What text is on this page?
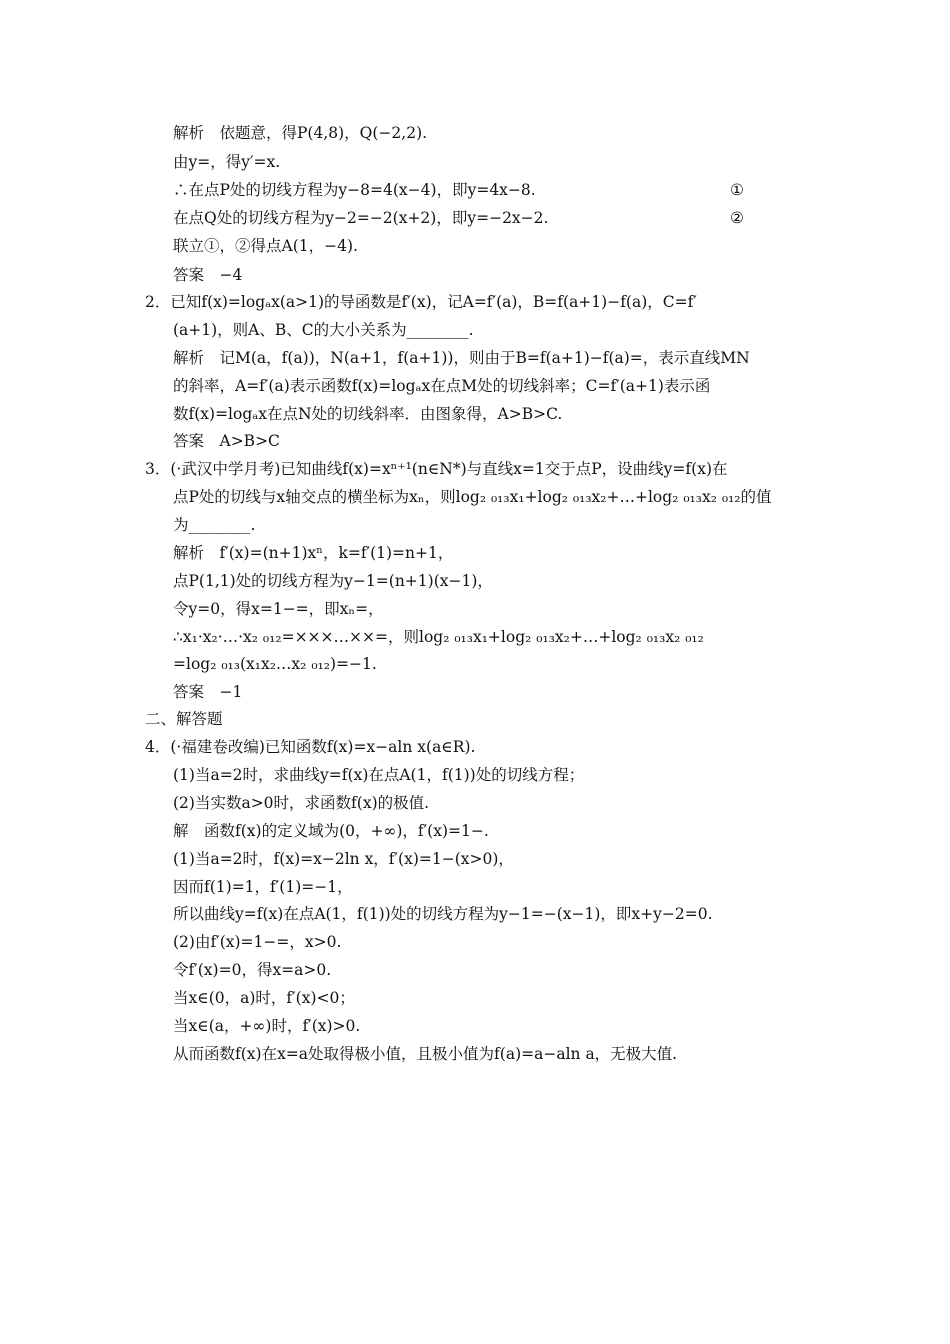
解析　依题意，得P(4,8)，Q(−2,2).
由y=，得y′=x.
∴在点P处的切线方程为y−8=4(x−4)，即y=4x−8.	①
在点Q处的切线方程为y−2=−2(x+2)，即y=−2x−2.	②
联立①，②得点A(1，−4).
答案　−4
2．已知f(x)=logₐx(a>1)的导函数是f′(x)，记A=f′(a)，B=f(a+1)−f(a)，C=f′
(a+1)，则A、B、C的大小关系为________.
解析　记M(a，f(a))，N(a+1，f(a+1))，则由于B=f(a+1)−f(a)=，表示直线MN
的斜率，A=f′(a)表示函数f(x)=logₐx在点M处的切线斜率；C=f′(a+1)表示函
数f(x)=logₐx在点N处的切线斜率．由图象得，A>B>C.
答案　A>B>C
3．(·武汉中学月考)已知曲线f(x)=xⁿ⁺¹(n∈N*)与直线x=1交于点P，设曲线y=f(x)在
点P处的切线与x轴交点的横坐标为xₙ，则log₂ ₀₁₃x₁+log₂ ₀₁₃x₂+…+log₂ ₀₁₃x₂ ₀₁₂的值
为________.
解析　f′(x)=(n+1)xⁿ，k=f′(1)=n+1，
点P(1,1)处的切线方程为y−1=(n+1)(x−1)，
令y=0，得x=1−=，即xₙ=，
∴x₁·x₂·…·x₂ ₀₁₂=×××…××=，则log₂ ₀₁₃x₁+log₂ ₀₁₃x₂+…+log₂ ₀₁₃x₂ ₀₁₂
=log₂ ₀₁₃(x₁x₂…x₂ ₀₁₂)=−1.
答案　−1
二、解答题
4．(·福建卷改编)已知函数f(x)=x−aln x(a∈R).
(1)当a=2时，求曲线y=f(x)在点A(1，f(1))处的切线方程；
(2)当实数a>0时，求函数f(x)的极值.
解　函数f(x)的定义域为(0，+∞)，f′(x)=1−.
(1)当a=2时，f(x)=x−2ln x，f′(x)=1−(x>0)，
因而f(1)=1，f′(1)=−1，
所以曲线y=f(x)在点A(1，f(1))处的切线方程为y−1=−(x−1)，即x+y−2=0.
(2)由f′(x)=1−=，x>0.
令f′(x)=0，得x=a>0.
当x∈(0，a)时，f′(x)<0；
当x∈(a，+∞)时，f′(x)>0.
从而函数f(x)在x=a处取得极小值，且极小值为f(a)=a−aln a，无极大值.
